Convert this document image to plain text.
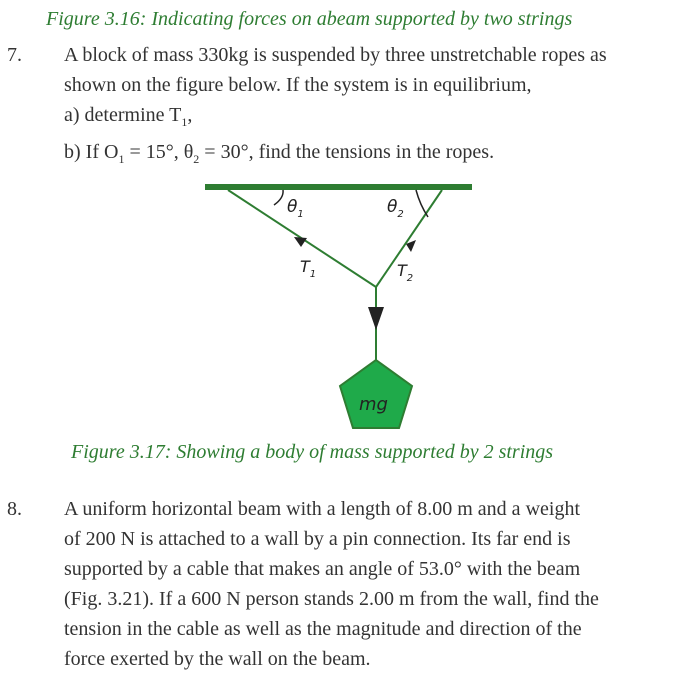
Figure 3.16: Indicating forces on abeam supported by two strings
7. A block of mass 330kg is suspended by three unstretchable ropes as
shown on the figure below. If the system is in equilibrium,
a) determine $T_1$,
b) If $O_1 = 15^\circ$, $\theta_2 = 30^\circ$, find the tensions in the ropes.
$\theta_1$	$\theta_2$
$T_1$	$T_2$
mg
Figure 3.17: Showing a body of mass supported by 2 strings
8. A uniform horizontal beam with a length of 8.00 m and a weight
of 200 N is attached to a wall by a pin connection. Its far end is
supported by a cable that makes an angle of 53.0° with the beam
(Fig. 3.21). If a 600 N person stands 2.00 m from the wall, find the
tension in the cable as well as the magnitude and direction of the
force exerted by the wall on the beam.
